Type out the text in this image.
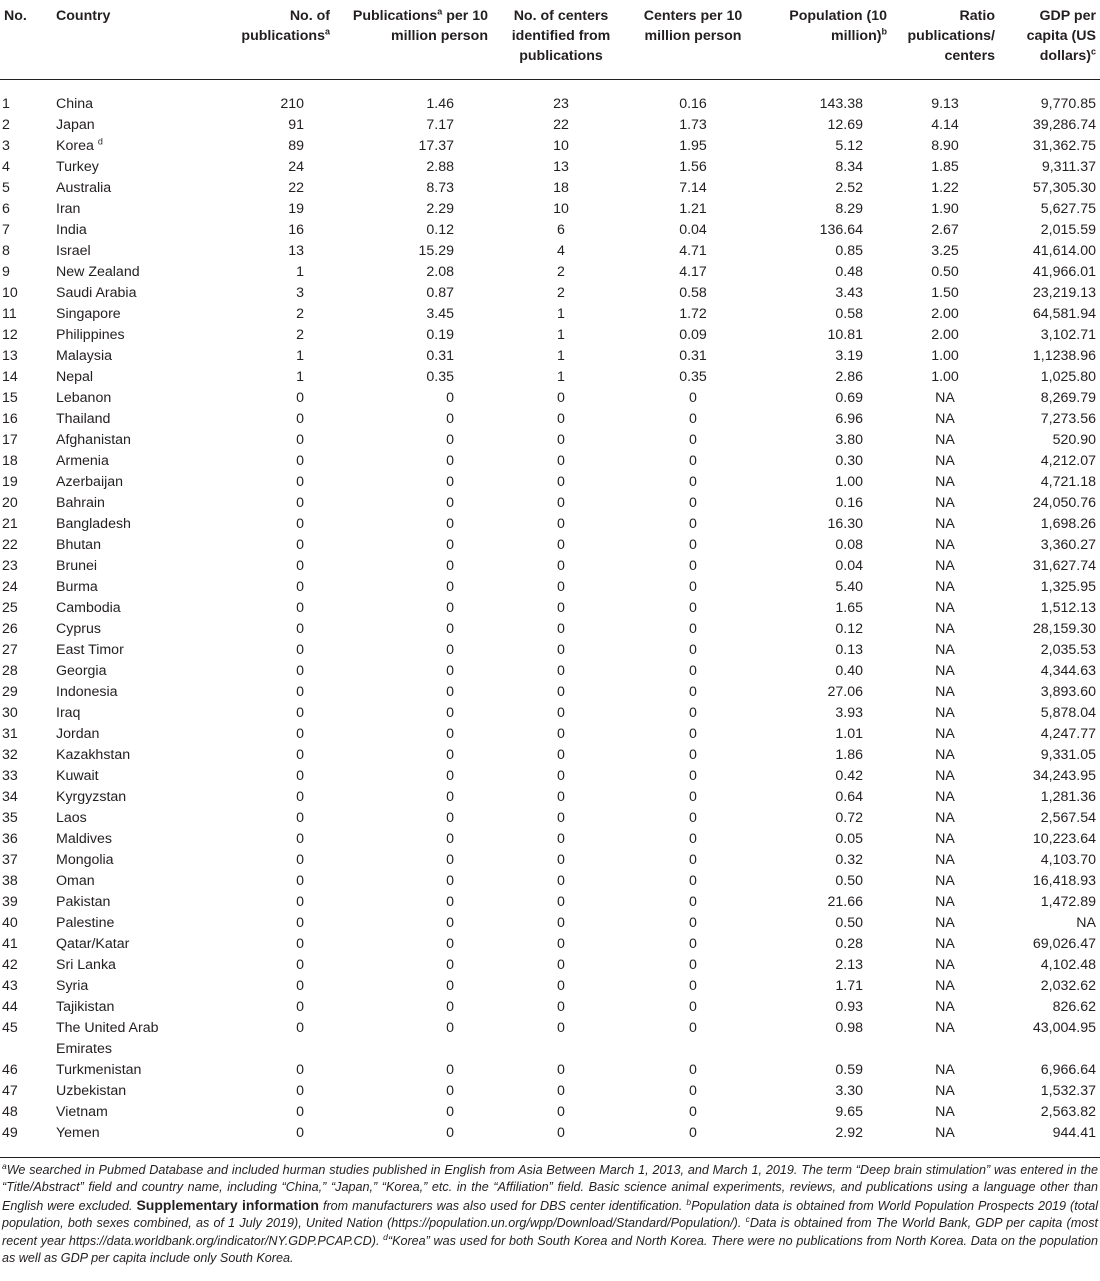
No.	Country	No. of publications$^a$	Publications$^a$ per 10 million person	No. of centers identified from publications	Centers per 10 million person	Population (10 million)$^b$	Ratio publications/ centers	GDP per capita (US dollars)$^c$
1	China	210	1.46	23	0.16	143.38	9.13	9,770.85
2	Japan	91	7.17	22	1.73	12.69	4.14	39,286.74
3	Korea $^d$	89	17.37	10	1.95	5.12	8.90	31,362.75
4	Turkey	24	2.88	13	1.56	8.34	1.85	9,311.37
5	Australia	22	8.73	18	7.14	2.52	1.22	57,305.30
6	Iran	19	2.29	10	1.21	8.29	1.90	5,627.75
7	India	16	0.12	6	0.04	136.64	2.67	2,015.59
8	Israel	13	15.29	4	4.71	0.85	3.25	41,614.00
9	New Zealand	1	2.08	2	4.17	0.48	0.50	41,966.01
10	Saudi Arabia	3	0.87	2	0.58	3.43	1.50	23,219.13
11	Singapore	2	3.45	1	1.72	0.58	2.00	64,581.94
12	Philippines	2	0.19	1	0.09	10.81	2.00	3,102.71
13	Malaysia	1	0.31	1	0.31	3.19	1.00	1,1238.96
14	Nepal	1	0.35	1	0.35	2.86	1.00	1,025.80
15	Lebanon	0	0	0	0	0.69	NA	8,269.79
16	Thailand	0	0	0	0	6.96	NA	7,273.56
17	Afghanistan	0	0	0	0	3.80	NA	520.90
18	Armenia	0	0	0	0	0.30	NA	4,212.07
19	Azerbaijan	0	0	0	0	1.00	NA	4,721.18
20	Bahrain	0	0	0	0	0.16	NA	24,050.76
21	Bangladesh	0	0	0	0	16.30	NA	1,698.26
22	Bhutan	0	0	0	0	0.08	NA	3,360.27
23	Brunei	0	0	0	0	0.04	NA	31,627.74
24	Burma	0	0	0	0	5.40	NA	1,325.95
25	Cambodia	0	0	0	0	1.65	NA	1,512.13
26	Cyprus	0	0	0	0	0.12	NA	28,159.30
27	East Timor	0	0	0	0	0.13	NA	2,035.53
28	Georgia	0	0	0	0	0.40	NA	4,344.63
29	Indonesia	0	0	0	0	27.06	NA	3,893.60
30	Iraq	0	0	0	0	3.93	NA	5,878.04
31	Jordan	0	0	0	0	1.01	NA	4,247.77
32	Kazakhstan	0	0	0	0	1.86	NA	9,331.05
33	Kuwait	0	0	0	0	0.42	NA	34,243.95
34	Kyrgyzstan	0	0	0	0	0.64	NA	1,281.36
35	Laos	0	0	0	0	0.72	NA	2,567.54
36	Maldives	0	0	0	0	0.05	NA	10,223.64
37	Mongolia	0	0	0	0	0.32	NA	4,103.70
38	Oman	0	0	0	0	0.50	NA	16,418.93
39	Pakistan	0	0	0	0	21.66	NA	1,472.89
40	Palestine	0	0	0	0	0.50	NA	NA
41	Qatar/Katar	0	0	0	0	0.28	NA	69,026.47
42	Sri Lanka	0	0	0	0	2.13	NA	4,102.48
43	Syria	0	0	0	0	1.71	NA	2,032.62
44	Tajikistan	0	0	0	0	0.93	NA	826.62
45	The United Arab Emirates	0	0	0	0	0.98	NA	43,004.95
46	Turkmenistan	0	0	0	0	0.59	NA	6,966.64
47	Uzbekistan	0	0	0	0	3.30	NA	1,532.37
48	Vietnam	0	0	0	0	9.65	NA	2,563.82
49	Yemen	0	0	0	0	2.92	NA	944.41
$^a$We searched in Pubmed Database and included hurman studies published in English from Asia Between March 1, 2013, and March 1, 2019. The term “Deep brain stimulation” was entered in the “Title/Abstract” field and country name, including “China,” “Japan,” “Korea,” etc. in the “Affiliation” field. Basic science animal experiments, reviews, and publications using a language other than English were excluded. Supplementary information from manufacturers was also used for DBS center identification. $^b$Population data is obtained from World Population Prospects 2019 (total population, both sexes combined, as of 1 July 2019), United Nation (https://population.un.org/wpp/Download/Standard/Population/). $^c$Data is obtained from The World Bank, GDP per capita (most recent year https://data.worldbank.org/indicator/NY.GDP.PCAP.CD). $^d$“Korea” was used for both South Korea and North Korea. There were no publications from North Korea. Data on the population as well as GDP per capita include only South Korea.
